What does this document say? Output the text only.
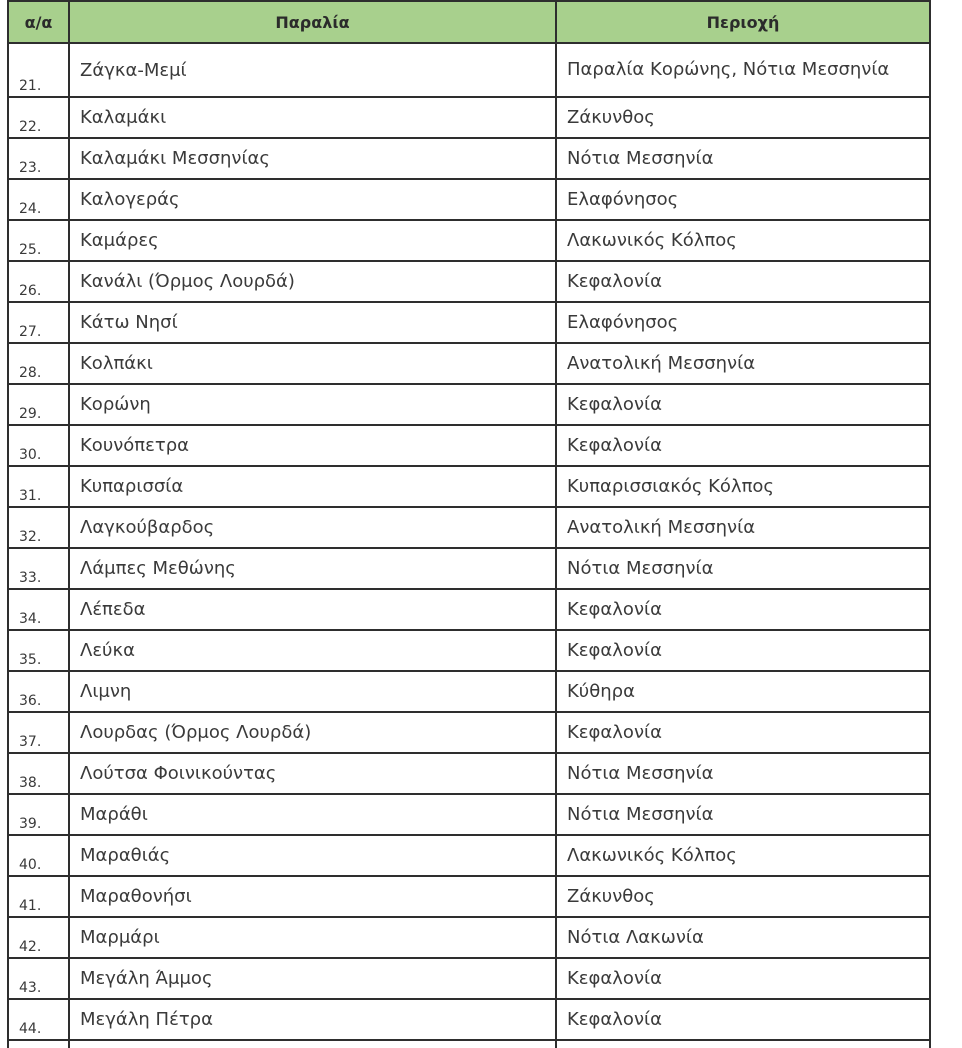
α/α	Παραλία	Περιοχή
21.	Ζάγκα-Μεμί	Παραλία Κορώνης, Νότια Μεσσηνία
22.	Καλαμάκι	Ζάκυνθος
23.	Καλαμάκι Μεσσηνίας	Νότια Μεσσηνία
24.	Καλογεράς	Ελαφόνησος
25.	Καμάρες	Λακωνικός Κόλπος
26.	Κανάλι (Όρμος Λουρδά)	Κεφαλονία
27.	Κάτω Νησί	Ελαφόνησος
28.	Κολπάκι	Ανατολική Μεσσηνία
29.	Κορώνη	Κεφαλονία
30.	Κουνόπετρα	Κεφαλονία
31.	Κυπαρισσία	Κυπαρισσιακός Κόλπος
32.	Λαγκούβαρδος	Ανατολική Μεσσηνία
33.	Λάμπες Μεθώνης	Νότια Μεσσηνία
34.	Λέπεδα	Κεφαλονία
35.	Λεύκα	Κεφαλονία
36.	Λιμνη	Κύθηρα
37.	Λουρδας (Όρμος Λουρδά)	Κεφαλονία
38.	Λούτσα Φοινικούντας	Νότια Μεσσηνία
39.	Μαράθι	Νότια Μεσσηνία
40.	Μαραθιάς	Λακωνικός Κόλπος
41.	Μαραθονήσι	Ζάκυνθος
42.	Μαρμάρι	Νότια Λακωνία
43.	Μεγάλη Άμμος	Κεφαλονία
44.	Μεγάλη Πέτρα	Κεφαλονία
